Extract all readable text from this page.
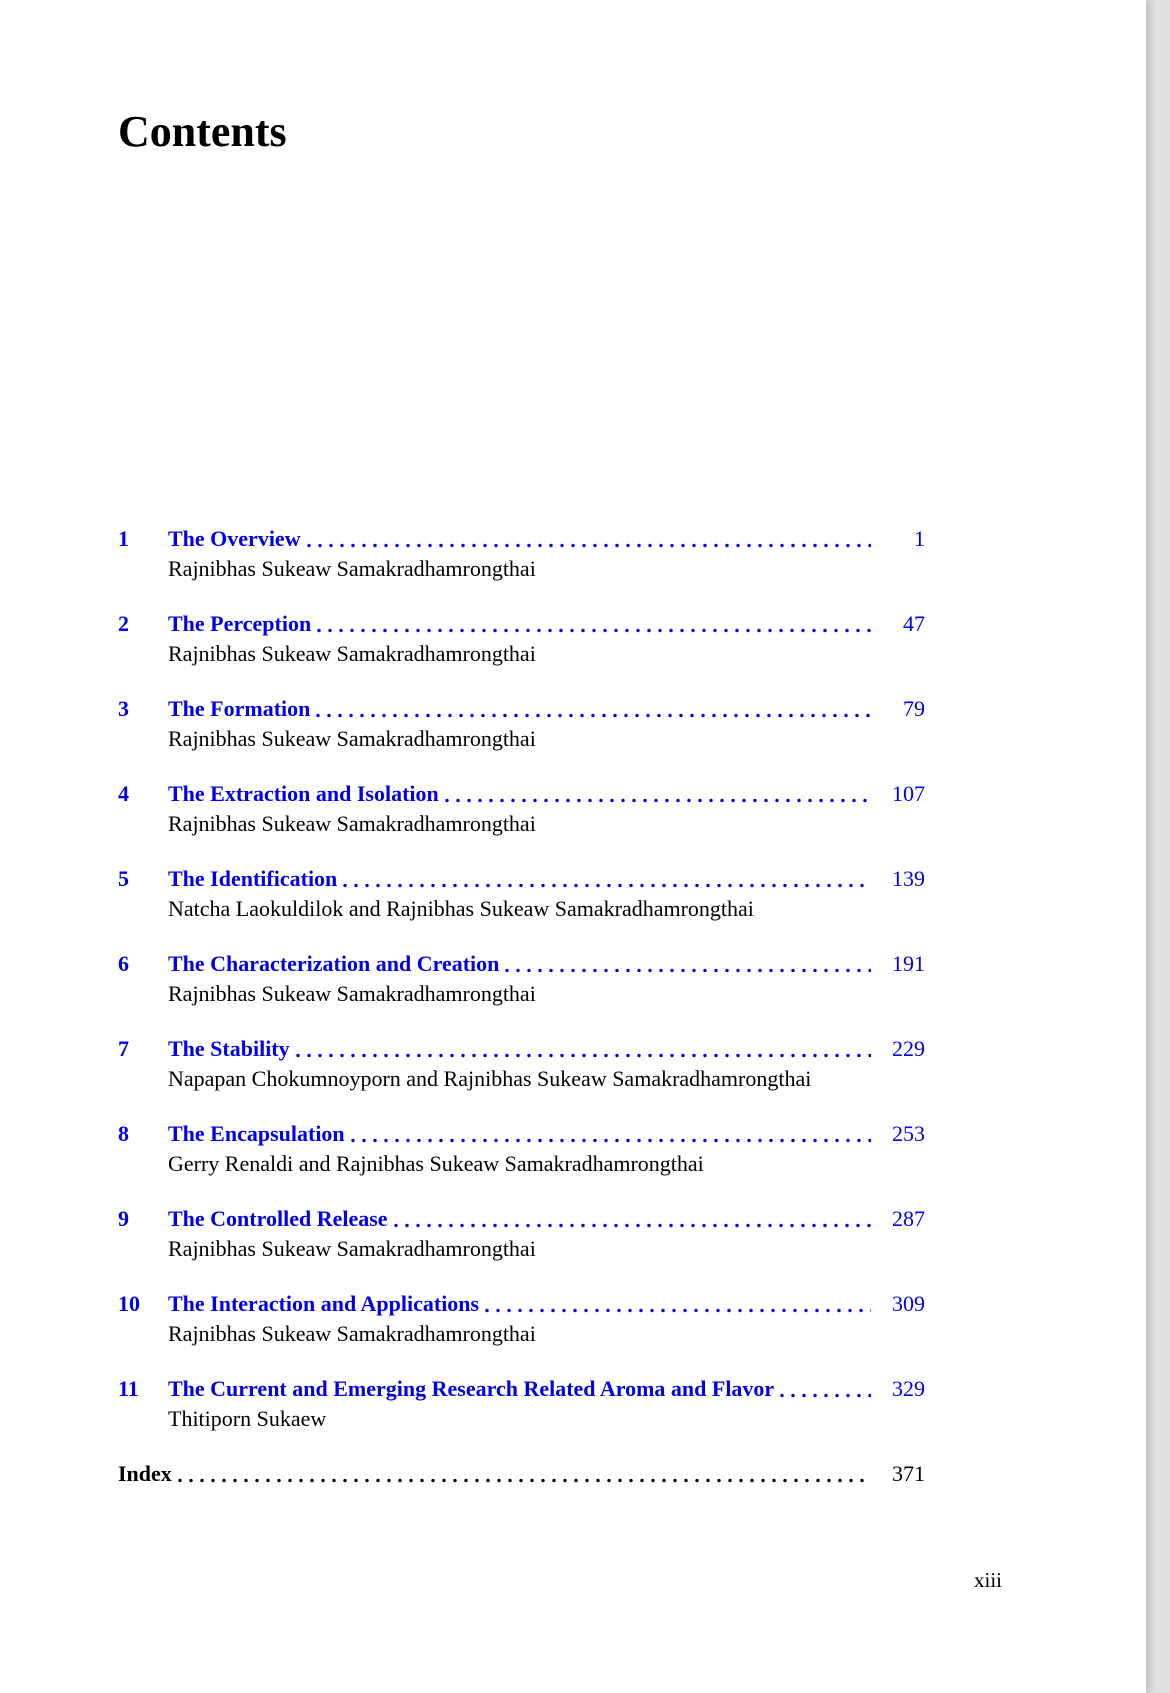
Contents
1	The Overview	1
Rajnibhas Sukeaw Samakradhamrongthai
2	The Perception	47
Rajnibhas Sukeaw Samakradhamrongthai
3	The Formation	79
Rajnibhas Sukeaw Samakradhamrongthai
4	The Extraction and Isolation	107
Rajnibhas Sukeaw Samakradhamrongthai
5	The Identification	139
Natcha Laokuldilok and Rajnibhas Sukeaw Samakradhamrongthai
6	The Characterization and Creation	191
Rajnibhas Sukeaw Samakradhamrongthai
7	The Stability	229
Napapan Chokumnoyporn and Rajnibhas Sukeaw Samakradhamrongthai
8	The Encapsulation	253
Gerry Renaldi and Rajnibhas Sukeaw Samakradhamrongthai
9	The Controlled Release	287
Rajnibhas Sukeaw Samakradhamrongthai
10	The Interaction and Applications	309
Rajnibhas Sukeaw Samakradhamrongthai
11	The Current and Emerging Research Related Aroma and Flavor	329
Thitiporn Sukaew
Index	371
xiii
